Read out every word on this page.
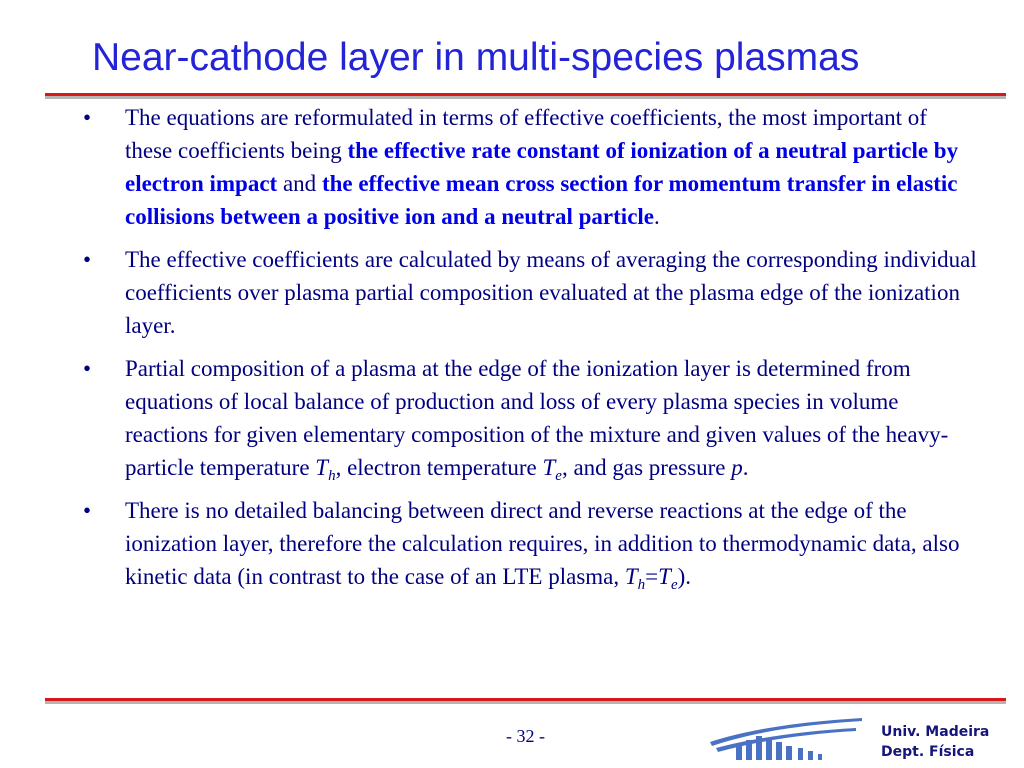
Near-cathode layer in multi-species plasmas
• The equations are reformulated in terms of effective coefficients, the most important of these coefficients being the effective rate constant of ionization of a neutral particle by electron impact and the effective mean cross section for momentum transfer in elastic collisions between a positive ion and a neutral particle.
• The effective coefficients are calculated by means of averaging the corresponding individual coefficients over plasma partial composition evaluated at the plasma edge of the ionization layer.
• Partial composition of a plasma at the edge of the ionization layer is determined from equations of local balance of production and loss of every plasma species in volume reactions for given elementary composition of the mixture and given values of the heavy-particle temperature $T_h$, electron temperature $T_e$, and gas pressure p.
• There is no detailed balancing between direct and reverse reactions at the edge of the ionization layer, therefore the calculation requires, in addition to thermodynamic data, also kinetic data (in contrast to the case of an LTE plasma, $T_h=T_e$).
- 32 -	Univ. Madeira
Dept. Física
